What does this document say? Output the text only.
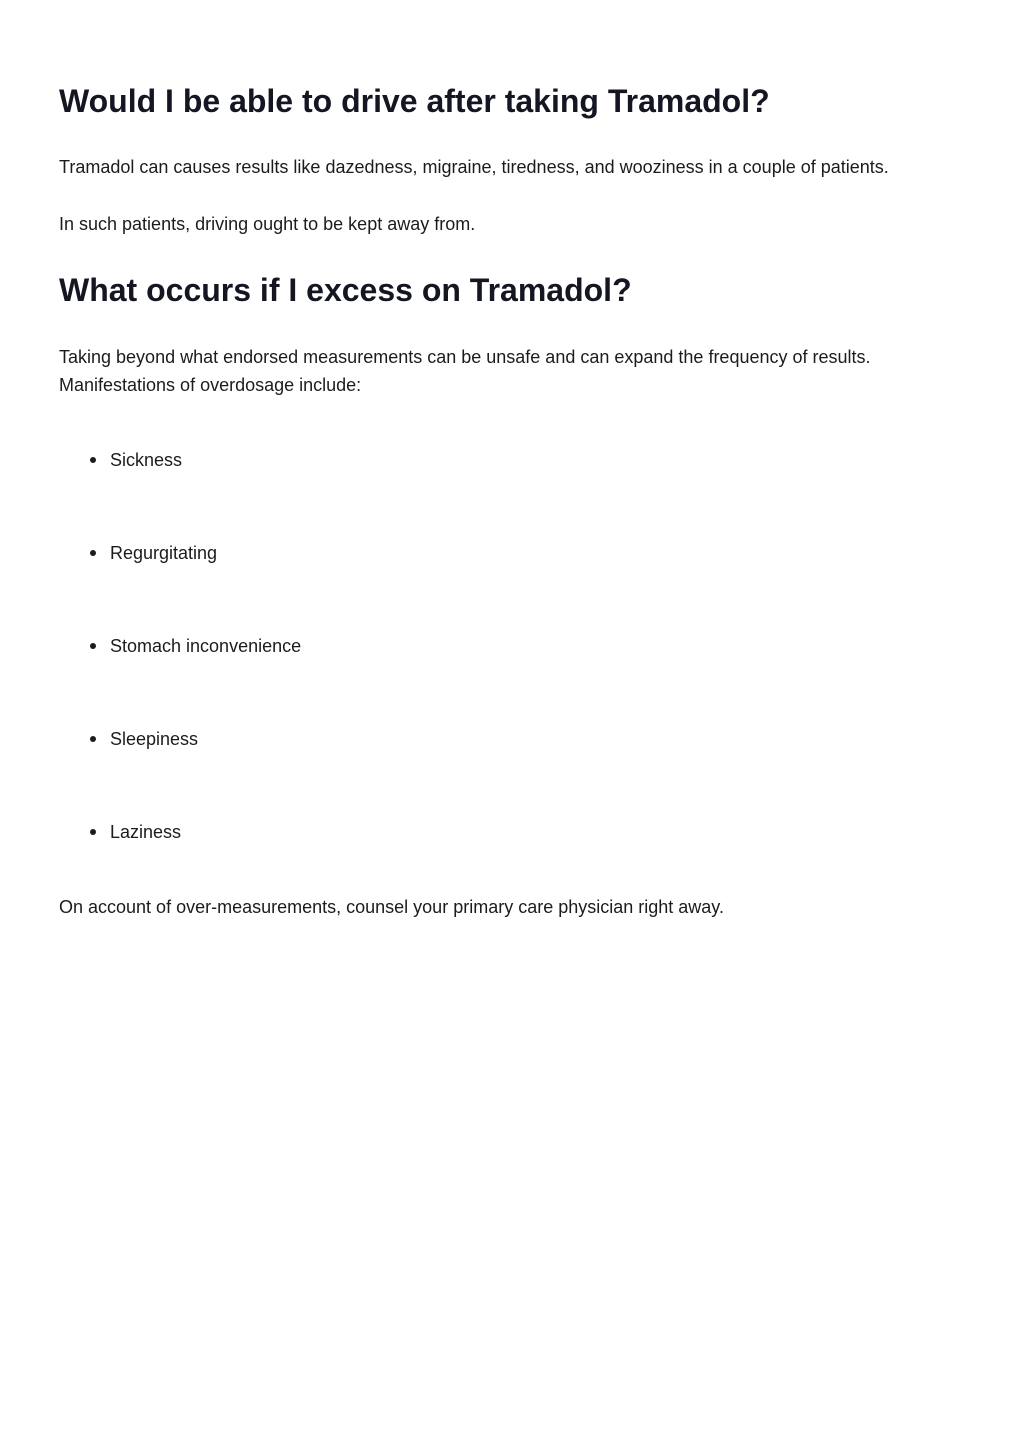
Would I be able to drive after taking Tramadol?

Tramadol can causes results like dazedness, migraine, tiredness, and wooziness in a couple of patients.

In such patients, driving ought to be kept away from.

What occurs if I excess on Tramadol?

Taking beyond what endorsed measurements can be unsafe and can expand the frequency of results. Manifestations of overdosage include:

Sickness
Regurgitating
Stomach inconvenience
Sleepiness
Laziness

On account of over-measurements, counsel your primary care physician right away.
